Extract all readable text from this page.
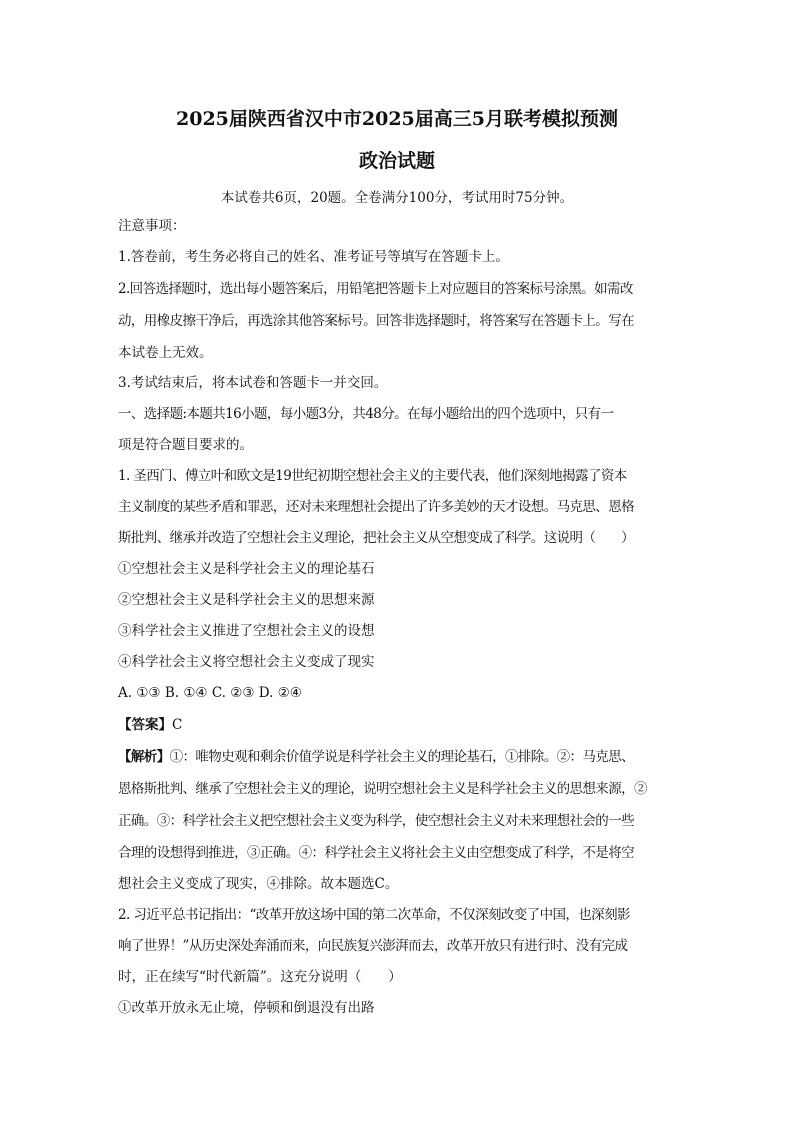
2025届陕西省汉中市2025届高三5月联考模拟预测
政治试题
本试卷共6页，20题。全卷满分100分，考试用时75分钟。
注意事项：
1.答卷前，考生务必将自己的姓名、准考证号等填写在答题卡上。
2.回答选择题时，选出每小题答案后，用铅笔把答题卡上对应题目的答案标号涂黑。如需改
动，用橡皮擦干净后，再选涂其他答案标号。回答非选择题时，将答案写在答题卡上。写在
本试卷上无效。
3.考试结束后，将本试卷和答题卡一并交回。
一、选择题:本题共16小题，每小题3分，共48分。在每小题给出的四个选项中，只有一
项是符合题目要求的。
1. 圣西门、傅立叶和欧文是19世纪初期空想社会主义的主要代表，他们深刻地揭露了资本
主义制度的某些矛盾和罪恶，还对未来理想社会提出了许多美妙的天才设想。马克思、恩格
斯批判、继承并改造了空想社会主义理论，把社会主义从空想变成了科学。这说明（　　）
①空想社会主义是科学社会主义的理论基石
②空想社会主义是科学社会主义的思想来源
③科学社会主义推进了空想社会主义的设想
④科学社会主义将空想社会主义变成了现实
A. ①③ B. ①④ C. ②③ D. ②④
【答案】C
【解析】①：唯物史观和剩余价值学说是科学社会主义的理论基石，①排除。②：马克思、
恩格斯批判、继承了空想社会主义的理论，说明空想社会主义是科学社会主义的思想来源，②
正确。③：科学社会主义把空想社会主义变为科学，使空想社会主义对未来理想社会的一些
合理的设想得到推进，③正确。④：科学社会主义将社会主义由空想变成了科学，不是将空
想社会主义变成了现实，④排除。故本题选C。
2. 习近平总书记指出：“改革开放这场中国的第二次革命，不仅深刻改变了中国，也深刻影
响了世界！”从历史深处奔涌而来，向民族复兴澎湃而去，改革开放只有进行时、没有完成
时，正在续写“时代新篇”。这充分说明（　　）
①改革开放永无止境，停顿和倒退没有出路
